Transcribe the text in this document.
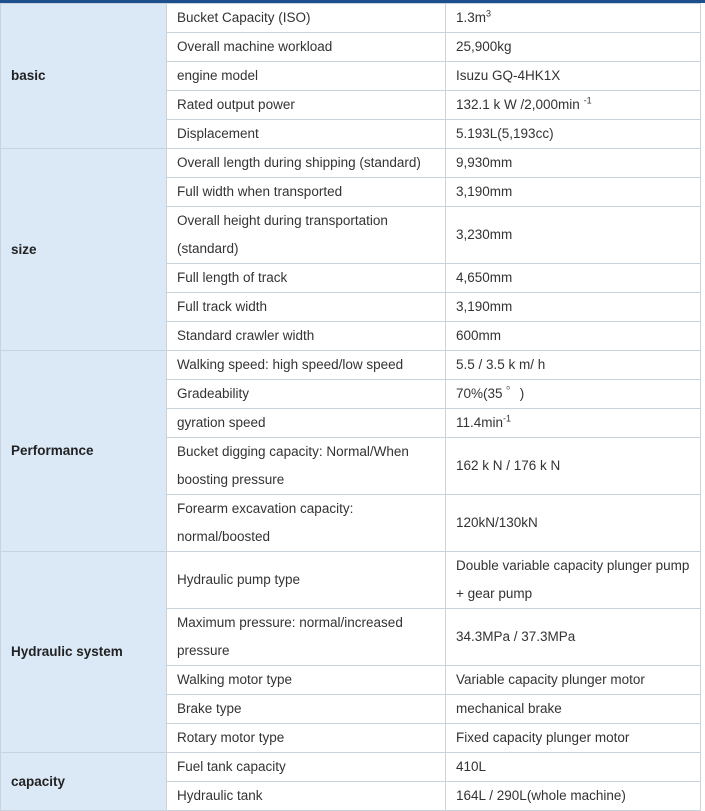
basic	Bucket Capacity (ISO)	$1.3m^3$
	Overall machine workload	25,900kg
	engine model	Isuzu GQ-4HK1X
	Rated output power	132.1 k W /2,000min $^{-1}$
	Displacement	5.193L(5,193cc)
size	Overall length during shipping (standard)	9,930mm
	Full width when transported	3,190mm
	Overall height during transportation (standard)	3,230mm
	Full length of track	4,650mm
	Full track width	3,190mm
	Standard crawler width	600mm
Performance	Walking speed: high speed/low speed	5.5 / 3.5 k m/ h
	Gradeability	70%(35 ゜)
	gyration speed	$11.4\min^{-1}$
	Bucket digging capacity: Normal/When boosting pressure	162 k N / 176 k N
	Forearm excavation capacity: normal/boosted	120kN/130kN
Hydraulic system	Hydraulic pump type	Double variable capacity plunger pump + gear pump
	Maximum pressure: normal/increased pressure	34.3MPa / 37.3MPa
	Walking motor type	Variable capacity plunger motor
	Brake type	mechanical brake
	Rotary motor type	Fixed capacity plunger motor
capacity	Fuel tank capacity	410L
	Hydraulic tank	164L / 290L(whole machine)
